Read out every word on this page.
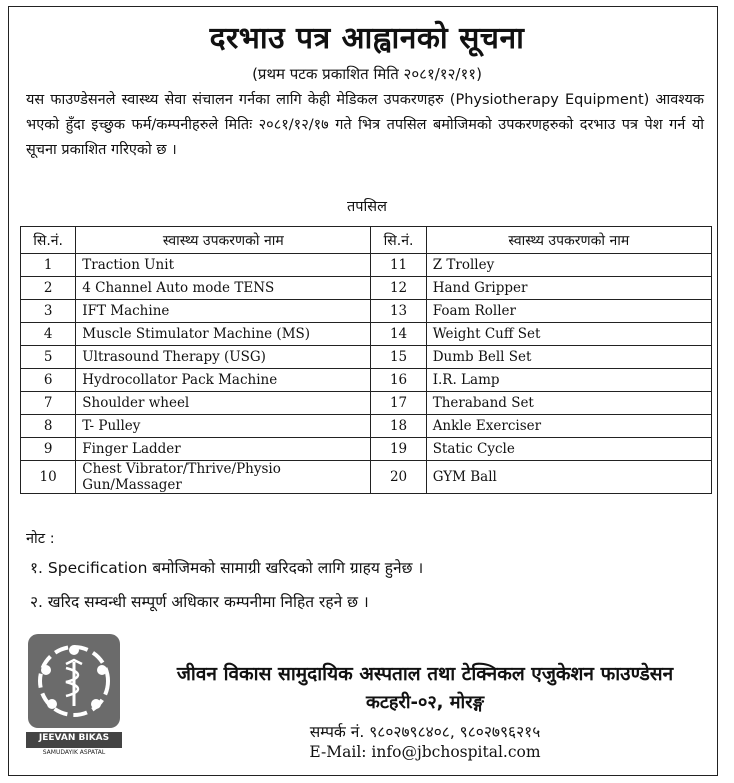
दरभाउ पत्र आह्वानको सूचना
(प्रथम पटक प्रकाशित मिति २०८१/१२/११)
यस फाउण्डेसनले स्वास्थ्य सेवा संचालन गर्नका लागि केही मेडिकल उपकरणहरु (Physiotherapy Equipment) आवश्यक भएको हुँदा इच्छुक फर्म/कम्पनीहरुले मितिः २०८१/१२/१७ गते भित्र तपसिल बमोजिमको उपकरणहरुको दरभाउ पत्र पेश गर्न यो सूचना प्रकाशित गरिएको छ ।
तपसिल
सि.नं.	स्वास्थ्य उपकरणको नाम	सि.नं.	स्वास्थ्य उपकरणको नाम
1	Traction Unit	11	Z Trolley
2	4 Channel Auto mode TENS	12	Hand Gripper
3	IFT Machine	13	Foam Roller
4	Muscle Stimulator Machine (MS)	14	Weight Cuff Set
5	Ultrasound Therapy (USG)	15	Dumb Bell Set
6	Hydrocollator Pack Machine	16	I.R. Lamp
7	Shoulder wheel	17	Theraband Set
8	T- Pulley	18	Ankle Exerciser
9	Finger Ladder	19	Static Cycle
10	Chest Vibrator/Thrive/Physio Gun/Massager	20	GYM Ball
नोट :
१. Specification बमोजिमको सामाग्री खरिदको लागि ग्राहय हुनेछ ।
२. खरिद सम्वन्धी सम्पूर्ण अधिकार कम्पनीमा निहित रहने छ ।
JEEVAN BIKAS
SAMUDAYIK ASPATAL
जीवन विकास सामुदायिक अस्पताल तथा टेक्निकल एजुकेशन फाउण्डेसन
कटहरी-०२, मोरङ्ग
सम्पर्क नं. ९८०२७९८४०८, ९८०२७९६२१५
E-Mail: info@jbchospital.com
